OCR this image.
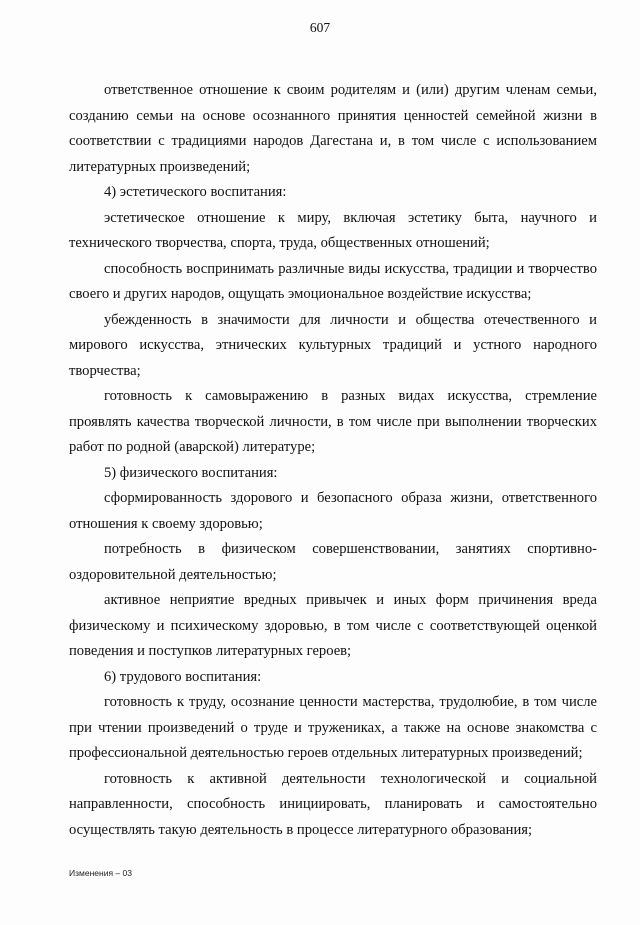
607

ответственное отношение к своим родителям и (или) другим членам семьи, созданию семьи на основе осознанного принятия ценностей семейной жизни в соответствии с традициями народов Дагестана и, в том числе с использованием литературных произведений;

4) эстетического воспитания:

эстетическое отношение к миру, включая эстетику быта, научного и технического творчества, спорта, труда, общественных отношений;

способность воспринимать различные виды искусства, традиции и творчество своего и других народов, ощущать эмоциональное воздействие искусства;

убежденность в значимости для личности и общества отечественного и мирового искусства, этнических культурных традиций и устного народного творчества;

готовность к самовыражению в разных видах искусства, стремление проявлять качества творческой личности, в том числе при выполнении творческих работ по родной (аварской) литературе;

5) физического воспитания:

сформированность здорового и безопасного образа жизни, ответственного отношения к своему здоровью;

потребность в физическом совершенствовании, занятиях спортивно-оздоровительной деятельностью;

активное неприятие вредных привычек и иных форм причинения вреда физическому и психическому здоровью, в том числе с соответствующей оценкой поведения и поступков литературных героев;

6) трудового воспитания:

готовность к труду, осознание ценности мастерства, трудолюбие, в том числе при чтении произведений о труде и тружениках, а также на основе знакомства с профессиональной деятельностью героев отдельных литературных произведений;

готовность к активной деятельности технологической и социальной направленности, способность инициировать, планировать и самостоятельно осуществлять такую деятельность в процессе литературного образования;

Изменения – 03
